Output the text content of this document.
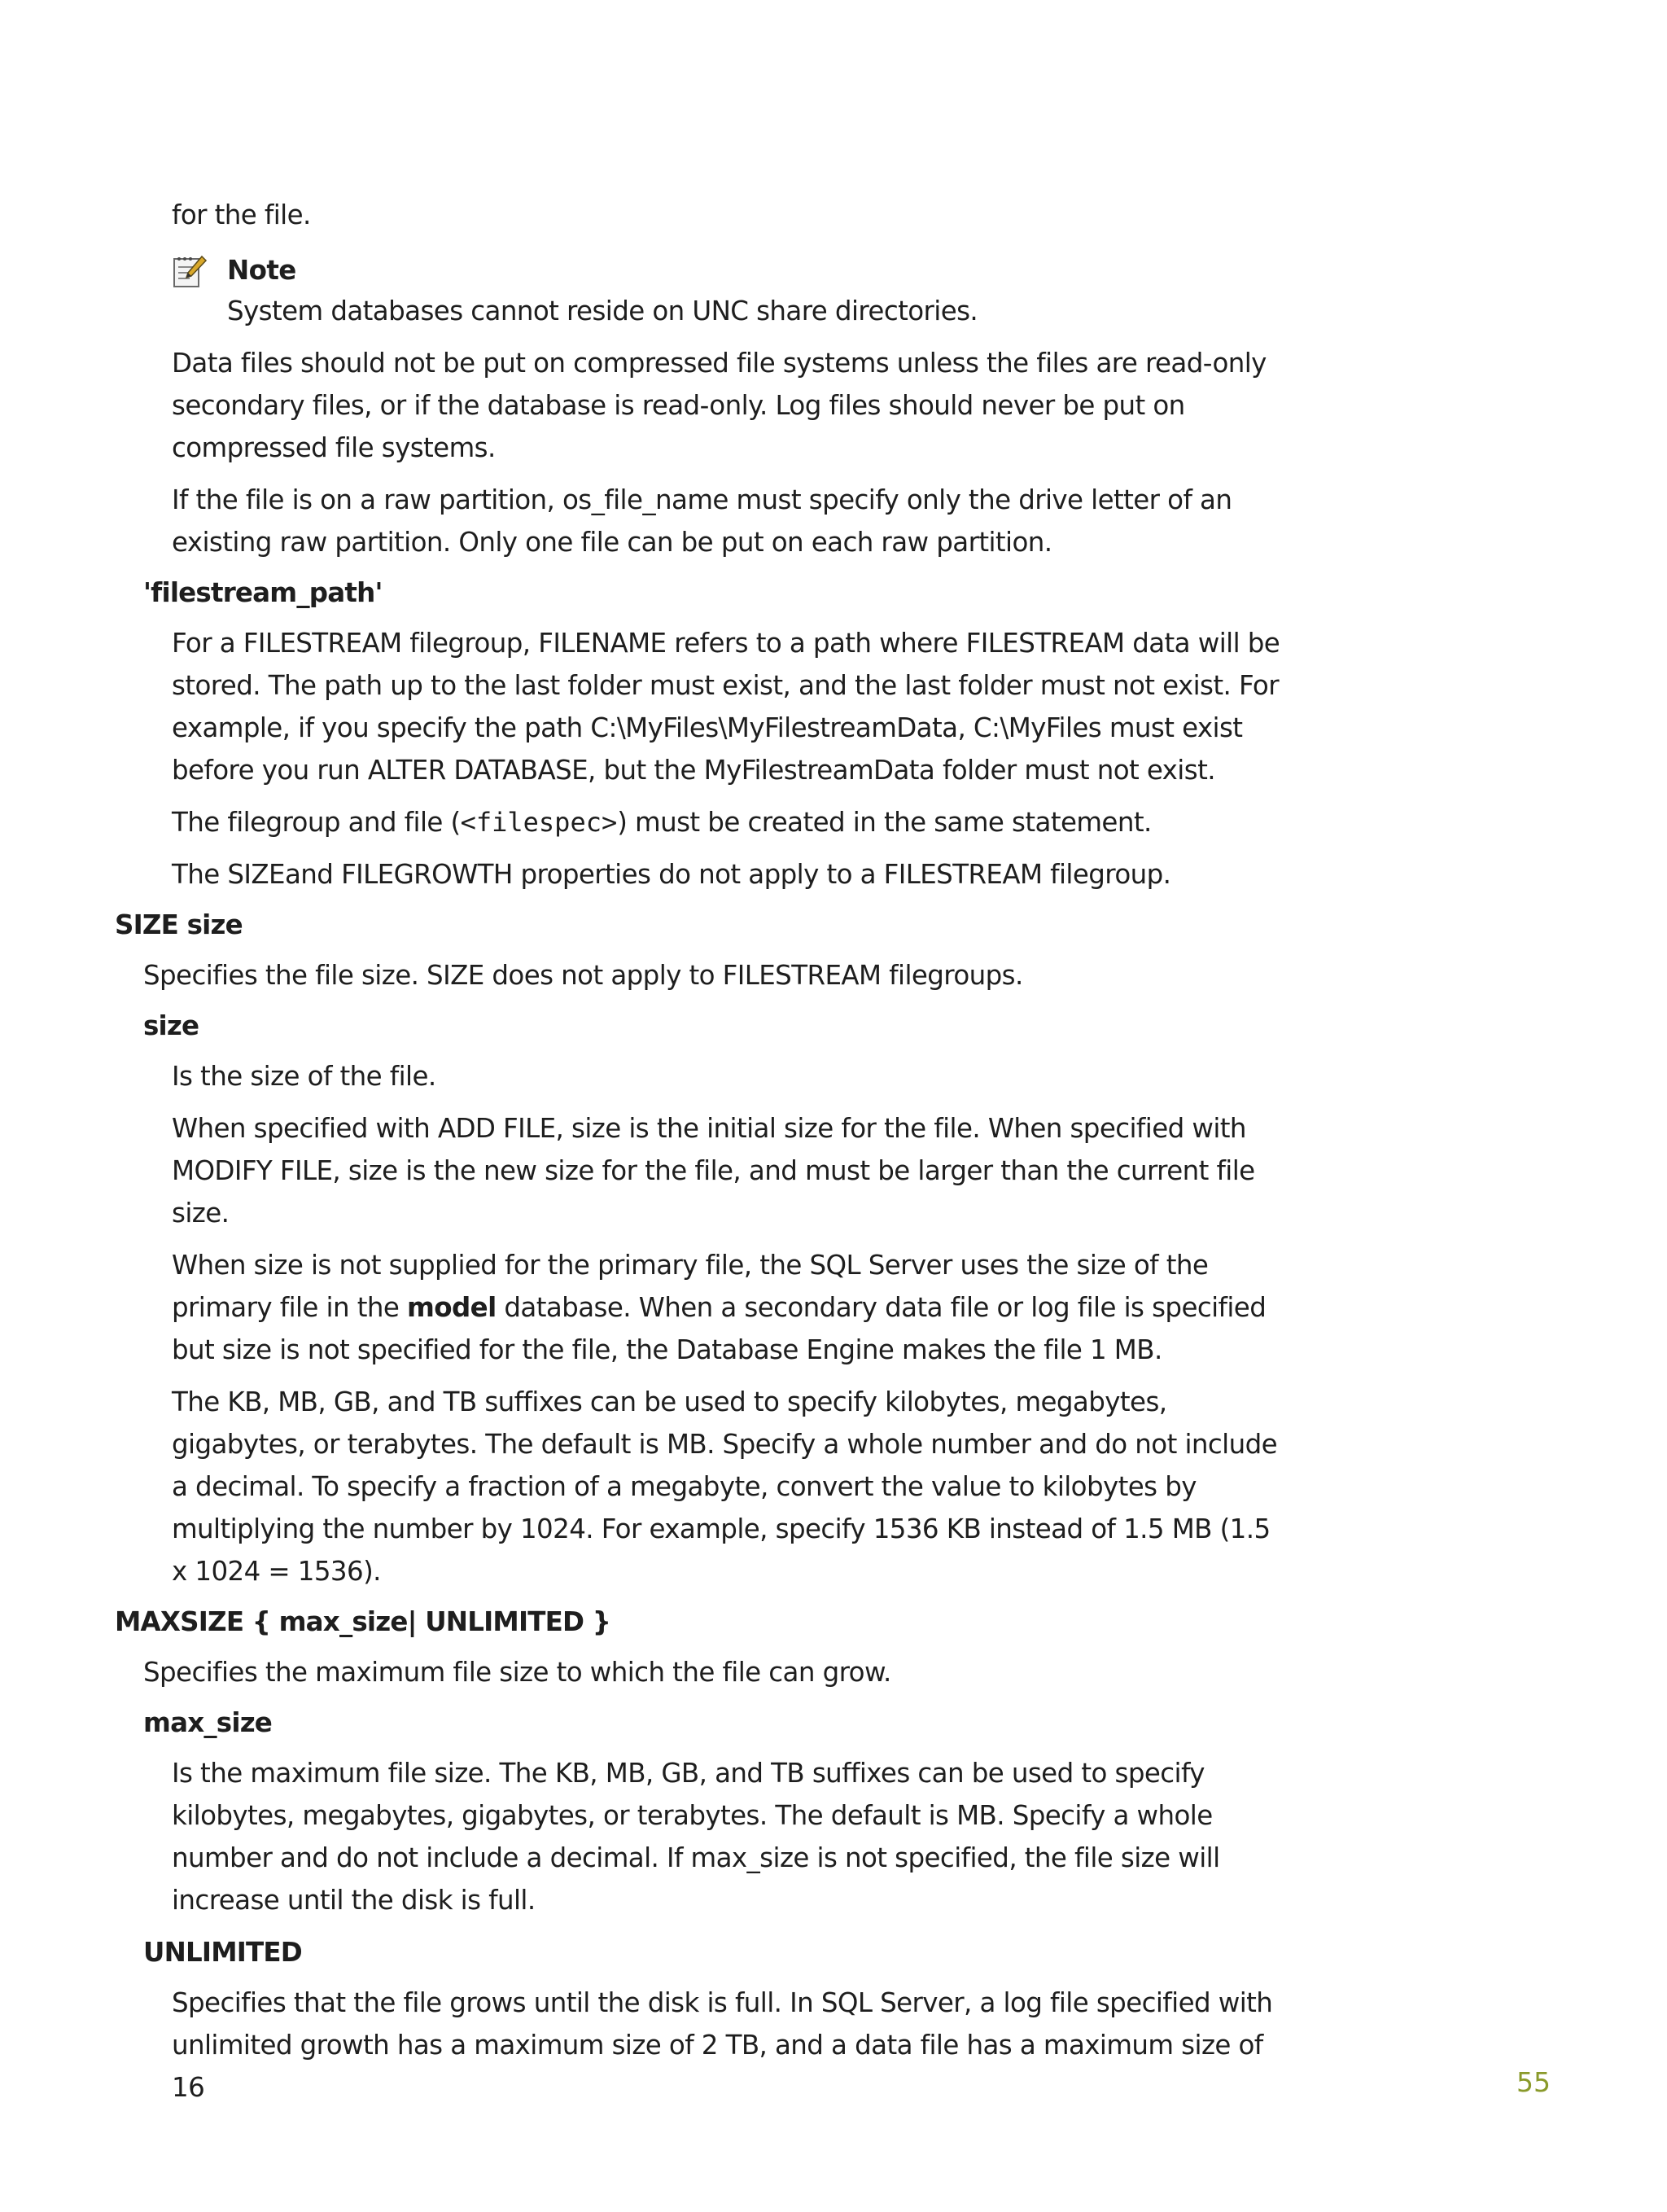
for the file.

Note

System databases cannot reside on UNC share directories.

Data files should not be put on compressed file systems unless the files are read-only secondary files, or if the database is read-only. Log files should never be put on compressed file systems.

If the file is on a raw partition, os_file_name must specify only the drive letter of an existing raw partition. Only one file can be put on each raw partition.

'filestream_path'

For a FILESTREAM filegroup, FILENAME refers to a path where FILESTREAM data will be stored. The path up to the last folder must exist, and the last folder must not exist. For example, if you specify the path C:\MyFiles\MyFilestreamData, C:\MyFiles must exist before you run ALTER DATABASE, but the MyFilestreamData folder must not exist.

The filegroup and file (<filespec>) must be created in the same statement.

The SIZEand FILEGROWTH properties do not apply to a FILESTREAM filegroup.

SIZE size

Specifies the file size. SIZE does not apply to FILESTREAM filegroups.

size

Is the size of the file.

When specified with ADD FILE, size is the initial size for the file. When specified with MODIFY FILE, size is the new size for the file, and must be larger than the current file size.

When size is not supplied for the primary file, the SQL Server uses the size of the primary file in the model database. When a secondary data file or log file is specified but size is not specified for the file, the Database Engine makes the file 1 MB.

The KB, MB, GB, and TB suffixes can be used to specify kilobytes, megabytes, gigabytes, or terabytes. The default is MB. Specify a whole number and do not include a decimal. To specify a fraction of a megabyte, convert the value to kilobytes by multiplying the number by 1024. For example, specify 1536 KB instead of 1.5 MB (1.5 x 1024 = 1536).

MAXSIZE { max_size| UNLIMITED }

Specifies the maximum file size to which the file can grow.

max_size

Is the maximum file size. The KB, MB, GB, and TB suffixes can be used to specify kilobytes, megabytes, gigabytes, or terabytes. The default is MB. Specify a whole number and do not include a decimal. If max_size is not specified, the file size will increase until the disk is full.

UNLIMITED

Specifies that the file grows until the disk is full. In SQL Server, a log file specified with unlimited growth has a maximum size of 2 TB, and a data file has a maximum size of 16	55
